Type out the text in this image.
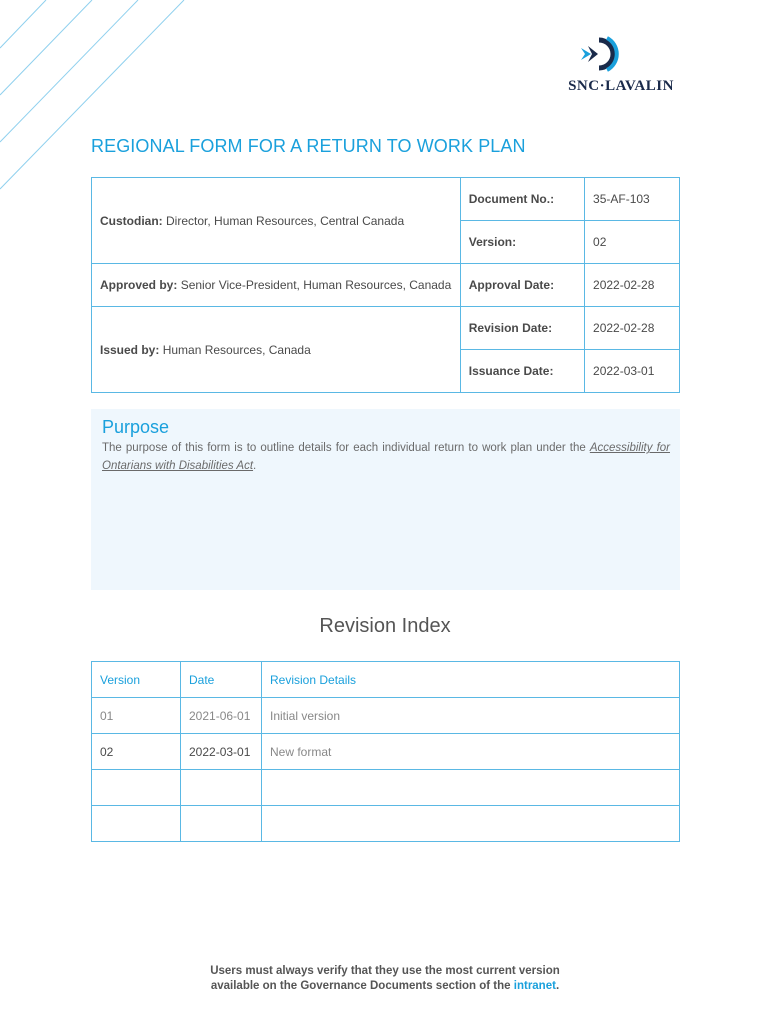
SNC·LAVALIN
REGIONAL FORM FOR A RETURN TO WORK PLAN
Custodian: Director, Human Resources, Central Canada	Document No.:	35-AF-103
	Version:	02
Approved by: Senior Vice-President, Human Resources, Canada	Approval Date:	2022-02-28
Issued by: Human Resources, Canada	Revision Date:	2022-02-28
	Issuance Date:	2022-03-01
Purpose
The purpose of this form is to outline details for each individual return to work plan under the Accessibility for Ontarians with Disabilities Act.
Revision Index
Version	Date	Revision Details
01	2021-06-01	Initial version
02	2022-03-01	New format

Users must always verify that they use the most current version
available on the Governance Documents section of the intranet.
